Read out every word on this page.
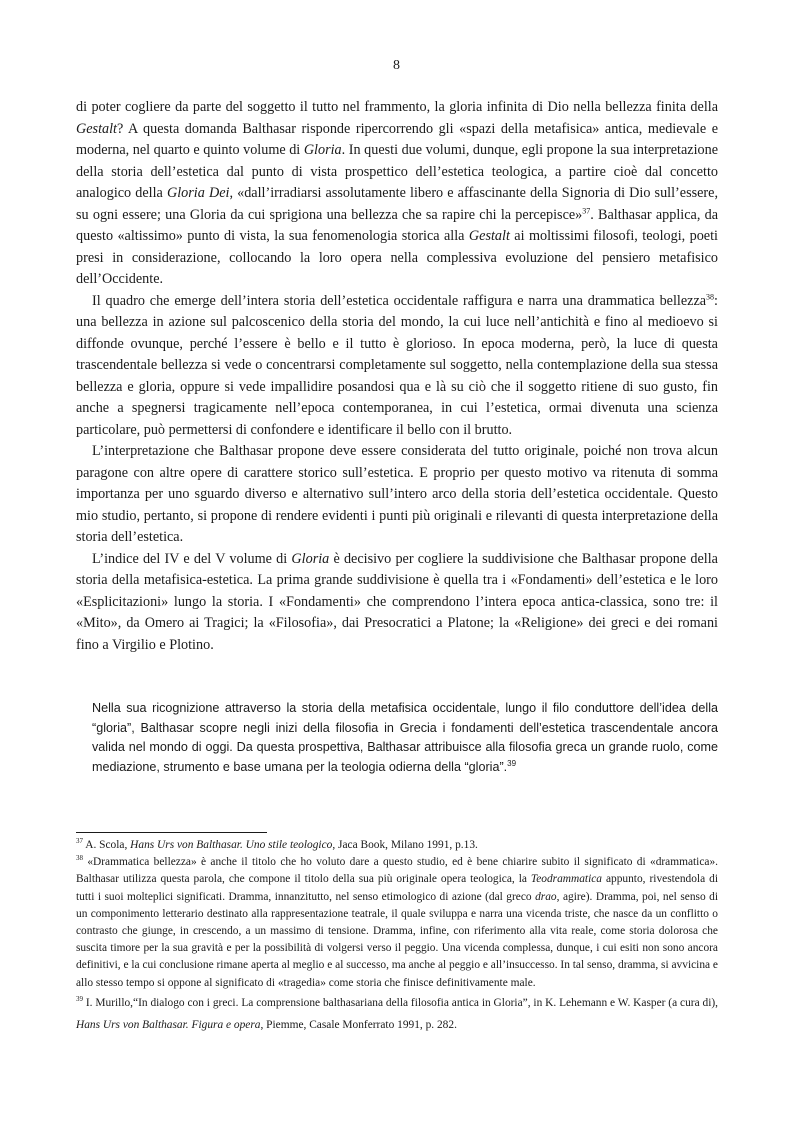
8

di poter cogliere da parte del soggetto il tutto nel frammento, la gloria infinita di Dio nella bellezza finita della Gestalt? A questa domanda Balthasar risponde ripercorrendo gli «spazi della metafisica» antica, medievale e moderna, nel quarto e quinto volume di Gloria. In questi due volumi, dunque, egli propone la sua interpretazione della storia dell’estetica dal punto di vista prospettico dell’estetica teologica, a partire cioè dal concetto analogico della Gloria Dei, «dall’irradiarsi assolutamente libero e affascinante della Signoria di Dio sull’essere, su ogni essere; una Gloria da cui sprigiona una bellezza che sa rapire chi la percepisce»$^{37}$. Balthasar applica, da questo «altissimo» punto di vista, la sua fenomenologia storica alla Gestalt ai moltissimi filosofi, teologi, poeti presi in considerazione, collocando la loro opera nella complessiva evoluzione del pensiero metafisico dell’Occidente.

Il quadro che emerge dell’intera storia dell’estetica occidentale raffigura e narra una drammatica bellezza$^{38}$: una bellezza in azione sul palcoscenico della storia del mondo, la cui luce nell’antichità e fino al medioevo si diffonde ovunque, perché l’essere è bello e il tutto è glorioso. In epoca moderna, però, la luce di questa trascendentale bellezza si vede o concentrarsi completamente sul soggetto, nella contemplazione della sua stessa bellezza e gloria, oppure si vede impallidire posandosi qua e là su ciò che il soggetto ritiene di suo gusto, fin anche a spegnersi tragicamente nell’epoca contemporanea, in cui l’estetica, ormai divenuta una scienza particolare, può permettersi di confondere e identificare il bello con il brutto.

L’interpretazione che Balthasar propone deve essere considerata del tutto originale, poiché non trova alcun paragone con altre opere di carattere storico sull’estetica. E proprio per questo motivo va ritenuta di somma importanza per uno sguardo diverso e alternativo sull’intero arco della storia dell’estetica occidentale. Questo mio studio, pertanto, si propone di rendere evidenti i punti più originali e rilevanti di questa interpretazione della storia dell’estetica.

L’indice del IV e del V volume di Gloria è decisivo per cogliere la suddivisione che Balthasar propone della storia della metafisica-estetica. La prima grande suddivisione è quella tra i «Fondamenti» dell’estetica e le loro «Esplicitazioni» lungo la storia. I «Fondamenti» che comprendono l’intera epoca antica-classica, sono tre: il «Mito», da Omero ai Tragici; la «Filosofia», dai Presocratici a Platone; la «Religione» dei greci e dei romani fino a Virgilio e Plotino.

Nella sua ricognizione attraverso la storia della metafisica occidentale, lungo il filo conduttore dell’idea della “gloria”, Balthasar scopre negli inizi della filosofia in Grecia i fondamenti dell’estetica trascendentale ancora valida nel mondo di oggi. Da questa prospettiva, Balthasar attribuisce alla filosofia greca un grande ruolo, come mediazione, strumento e base umana per la teologia odierna della “gloria”.$^{39}$

$^{37}$ A. Scola, Hans Urs von Balthasar. Uno stile teologico, Jaca Book, Milano 1991, p.13.

$^{38}$ «Drammatica bellezza» è anche il titolo che ho voluto dare a questo studio, ed è bene chiarire subito il significato di «drammatica». Balthasar utilizza questa parola, che compone il titolo della sua più originale opera teologica, la Teodrammatica appunto, rivestendola di tutti i suoi molteplici significati. Dramma, innanzitutto, nel senso etimologico di azione (dal greco drao, agire). Dramma, poi, nel senso di un componimento letterario destinato alla rappresentazione teatrale, il quale sviluppa e narra una vicenda triste, che nasce da un conflitto o contrasto che giunge, in crescendo, a un massimo di tensione. Dramma, infine, con riferimento alla vita reale, come storia dolorosa che suscita timore per la sua gravità e per la possibilità di volgersi verso il peggio. Una vicenda complessa, dunque, i cui esiti non sono ancora definitivi, e la cui conclusione rimane aperta al meglio e al successo, ma anche al peggio e all’insuccesso. In tal senso, dramma, si avvicina e allo stesso tempo si oppone al significato di «tragedia» come storia che finisce definitivamente male.

$^{39}$ I. Murillo,“In dialogo con i greci. La comprensione balthasariana della filosofia antica in Gloria”, in K. Lehemann e W. Kasper (a cura di), Hans Urs von Balthasar. Figura e opera, Piemme, Casale Monferrato 1991, p. 282.
